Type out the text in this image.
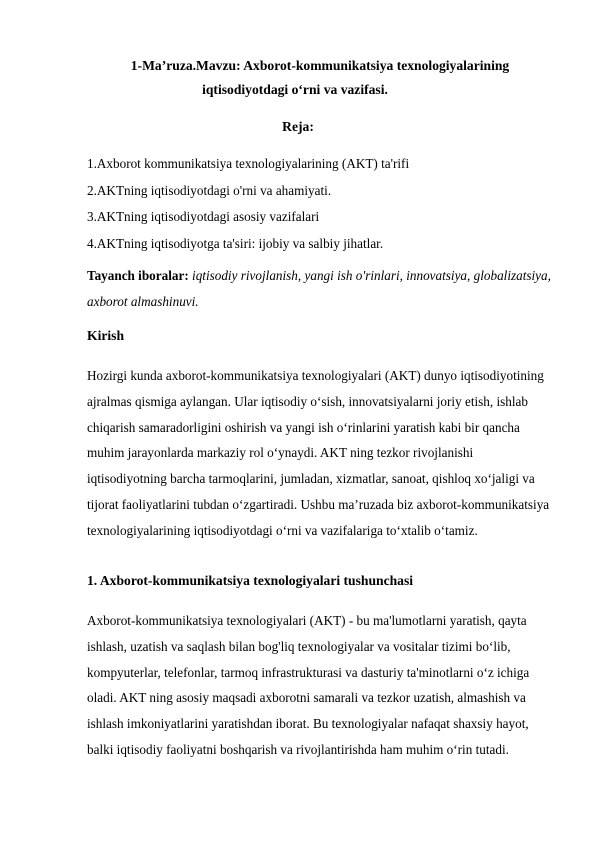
1-Ma’ruza.Mavzu: Axborot-kommunikatsiya texnologiyalarining
iqtisodiyotdagi o‘rni va vazifasi.
Reja:
1.Axborot kommunikatsiya texnologiyalarining (AKT) ta'rifi
2.AKTning iqtisodiyotdagi o'rni va ahamiyati.
3.AKTning iqtisodiyotdagi asosiy vazifalari
4.AKTning iqtisodiyotga ta'siri: ijobiy va salbiy jihatlar.
Tayanch iboralar: iqtisodiy rivojlanish, yangi ish o'rinlari, innovatsiya, globalizatsiya, axborot almashinuvi.
Kirish
Hozirgi kunda axborot-kommunikatsiya texnologiyalari (AKT) dunyo iqtisodiyotining ajralmas qismiga aylangan. Ular iqtisodiy o‘sish, innovatsiyalarni joriy etish, ishlab chiqarish samaradorligini oshirish va yangi ish o‘rinlarini yaratish kabi bir qancha muhim jarayonlarda markaziy rol o‘ynaydi. AKT ning tezkor rivojlanishi iqtisodiyotning barcha tarmoqlarini, jumladan, xizmatlar, sanoat, qishloq xo‘jaligi va tijorat faoliyatlarini tubdan o‘zgartiradi. Ushbu ma’ruzada biz axborot-kommunikatsiya texnologiyalarining iqtisodiyotdagi o‘rni va vazifalariga to‘xtalib o‘tamiz.
1. Axborot-kommunikatsiya texnologiyalari tushunchasi
Axborot-kommunikatsiya texnologiyalari (AKT) - bu ma'lumotlarni yaratish, qayta ishlash, uzatish va saqlash bilan bog'liq texnologiyalar va vositalar tizimi bo‘lib, kompyuterlar, telefonlar, tarmoq infrastrukturasi va dasturiy ta'minotlarni o‘z ichiga oladi. AKT ning asosiy maqsadi axborotni samarali va tezkor uzatish, almashish va ishlash imkoniyatlarini yaratishdan iborat. Bu texnologiyalar nafaqat shaxsiy hayot, balki iqtisodiy faoliyatni boshqarish va rivojlantirishda ham muhim o‘rin tutadi.
